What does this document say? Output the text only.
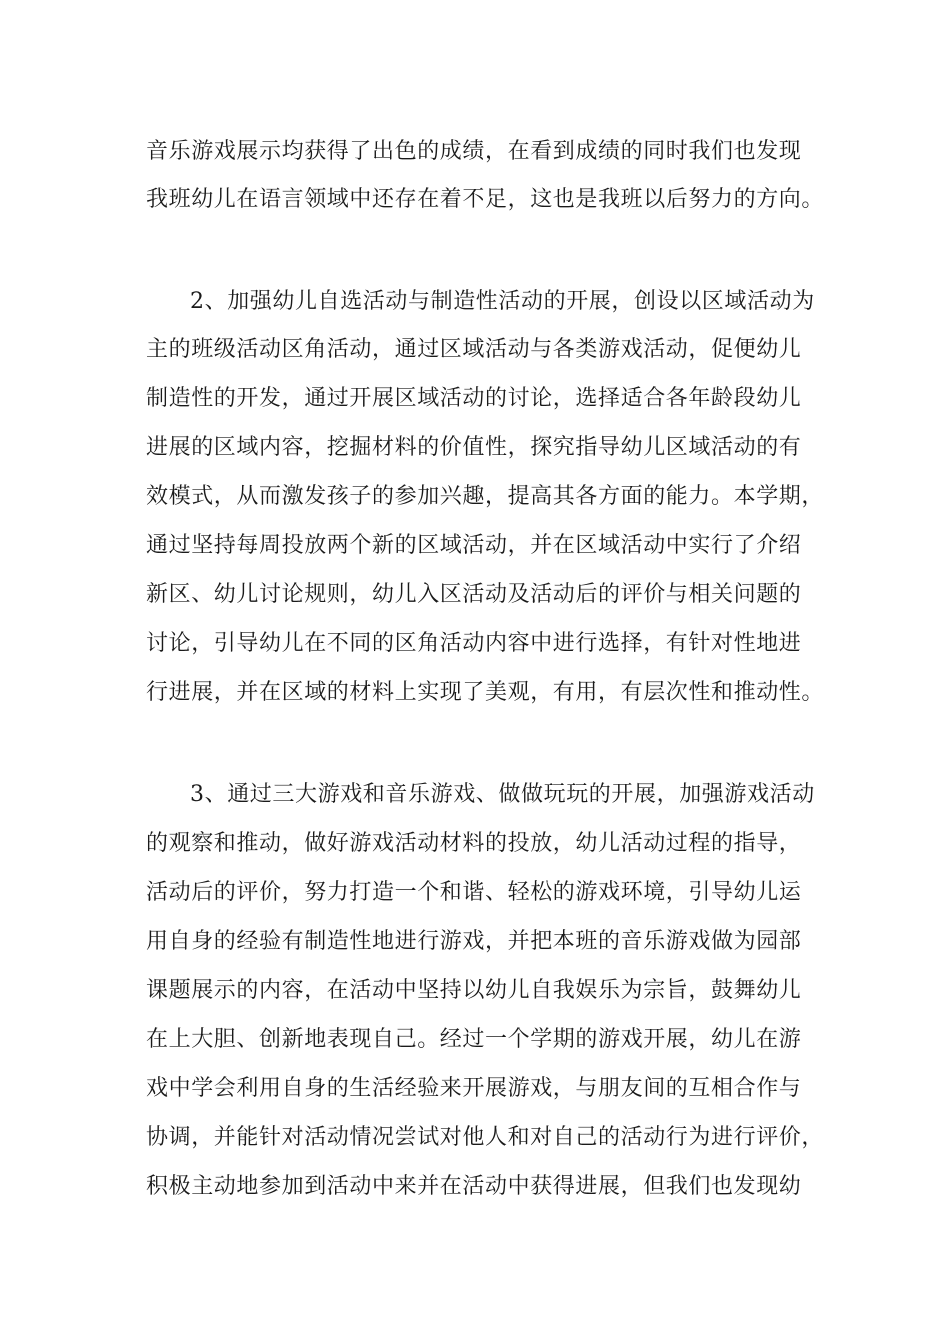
音乐游戏展示均获得了出色的成绩，在看到成绩的同时我们也发现
我班幼儿在语言领域中还存在着不足，这也是我班以后努力的方向。
2、加强幼儿自选活动与制造性活动的开展，创设以区域活动为
主的班级活动区角活动，通过区域活动与各类游戏活动，促便幼儿
制造性的开发，通过开展区域活动的讨论，选择适合各年龄段幼儿
进展的区域内容，挖掘材料的价值性，探究指导幼儿区域活动的有
效模式，从而激发孩子的参加兴趣，提高其各方面的能力。本学期，
通过坚持每周投放两个新的区域活动，并在区域活动中实行了介绍
新区、幼儿讨论规则，幼儿入区活动及活动后的评价与相关问题的
讨论，引导幼儿在不同的区角活动内容中进行选择，有针对性地进
行进展，并在区域的材料上实现了美观，有用，有层次性和推动性。
3、通过三大游戏和音乐游戏、做做玩玩的开展，加强游戏活动
的观察和推动，做好游戏活动材料的投放，幼儿活动过程的指导，
活动后的评价，努力打造一个和谐、轻松的游戏环境，引导幼儿运
用自身的经验有制造性地进行游戏，并把本班的音乐游戏做为园部
课题展示的内容，在活动中坚持以幼儿自我娱乐为宗旨，鼓舞幼儿
在上大胆、创新地表现自己。经过一个学期的游戏开展，幼儿在游
戏中学会利用自身的生活经验来开展游戏，与朋友间的互相合作与
协调，并能针对活动情况尝试对他人和对自己的活动行为进行评价，
积极主动地参加到活动中来并在活动中获得进展，但我们也发现幼
